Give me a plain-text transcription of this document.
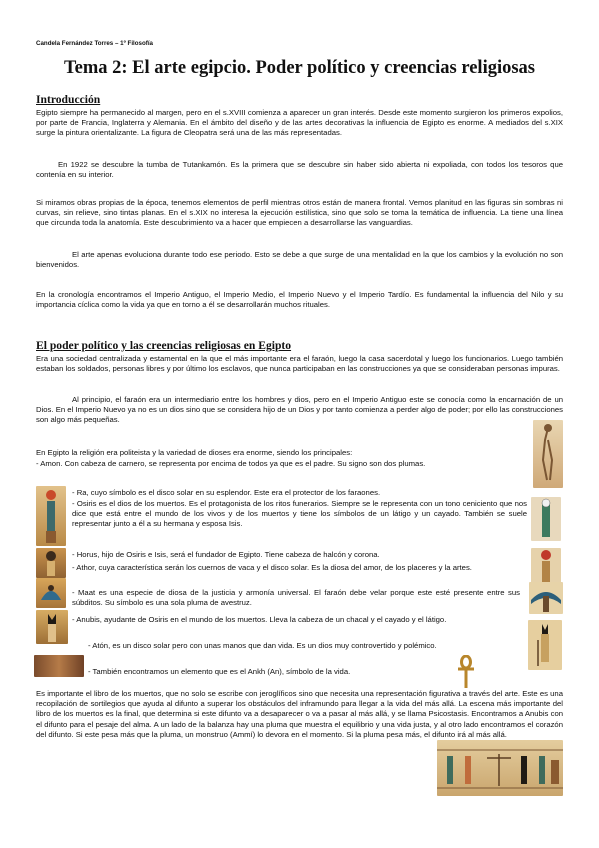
Candela Fernández Torres – 1º Filosofía
Tema 2: El arte egipcio. Poder político y creencias religiosas
Introducción
Egipto siempre ha permanecido al margen, pero en el s.XVIII comienza a aparecer un gran interés. Desde este momento surgieron los primeros expolios, por parte de Francia, Inglaterra y Alemania. En el ámbito del diseño y de las artes decorativas la influencia de Egipto es enorme. A mediados del s.XIX surge la pintura orientalizante. La figura de Cleopatra será una de las más representadas.
En 1922 se descubre la tumba de Tutankamón. Es la primera que se descubre sin haber sido abierta ni expoliada, con todos los tesoros que contenía en su interior.
Si miramos obras propias de la época, tenemos elementos de perfil mientras otros están de manera frontal. Vemos planitud en las figuras sin sombras ni curvas, sin relieve, sino tintas planas. En el s.XIX no interesa la ejecución estilística, sino que solo se toma la temática de influencia. La tiene una línea que circunda toda la anatomía. Este descubrimiento va a hacer que empiecen a desarrollarse las vanguardias.
El arte apenas evoluciona durante todo ese periodo. Esto se debe a que surge de una mentalidad en la que los cambios y la evolución no son bienvenidos.
En la cronología encontramos el Imperio Antiguo, el Imperio Medio, el Imperio Nuevo y el Imperio Tardío. Es fundamental la influencia del Nilo y su importancia cíclica como la vida ya que en torno a él se desarrollarán muchos rituales.
El poder político y las creencias religiosas en Egipto
Era una sociedad centralizada y estamental en la que el más importante era el faraón, luego la casa sacerdotal y luego los funcionarios. Luego también estaban los soldados, personas libres y por último los esclavos, que nunca participaban en las construcciones ya que se consideraban personas impuras.
Al principio, el faraón era un intermediario entre los hombres y dios, pero en el Imperio Antiguo este se conocía como la encarnación de un Dios. En el Imperio Nuevo ya no es un dios sino que se considera hijo de un Dios y por tanto comienza a perder algo de poder; por ello las construcciones son algo más pequeñas.
En Egipto la religión era politeista y la variedad de dioses era enorme, siendo los principales:
- Amon. Con cabeza de carnero, se representa por encima de todos ya que es el padre. Su signo son dos plumas.
- Ra, cuyo símbolo es el disco solar en su esplendor. Este era el protector de los faraones.
- Osiris es el dios de los muertos. Es el protagonista de los ritos funerarios. Siempre se le representa con un tono ceniciento que nos dice que está entre el mundo de los vivos y de los muertos y tiene los símbolos de un látigo y un cayado. También se suele representar junto a él a su hermana y esposa Isis.
- Horus, hijo de Osiris e Isis, será el fundador de Egipto. Tiene cabeza de halcón y corona.
- Athor, cuya característica serán los cuernos de vaca y el disco solar. Es la diosa del amor, de los placeres y la artes.
- Maat es una especie de diosa de la justicia y armonía universal. El faraón debe velar porque este esté presente entre sus súbditos. Su símbolo es una sola pluma de avestruz.
- Anubis, ayudante de Osiris en el mundo de los muertos. Lleva la cabeza de un chacal y el cayado y el látigo.
- Atón, es un disco solar pero con unas manos que dan vida. Es un dios muy controvertido y polémico.
- También encontramos un elemento que es el Ankh (An), símbolo de la vida.
Es importante el libro de los muertos, que no solo se escribe con jeroglíficos sino que necesita una representación figurativa a través del arte. Este es una recopilación de sortilegios que ayuda al difunto a superar los obstáculos del inframundo para llegar a la vida del más allá. La escena más importante del libro de los muertos es la final, que determina si este difunto va a desaparecer o va a pasar al más allá, y se llama Psicostasis. Encontramos a Anubis con el difunto para el pesaje del alma. A un lado de la balanza hay una pluma que muestra el equilibrio y una vida justa, y al otro lado encontramos el corazón del difunto. Si este pesa más que la pluma, un monstruo (Ammí) lo devora en el momento. Si la pluma pesa más, el difunto irá al más allá.
